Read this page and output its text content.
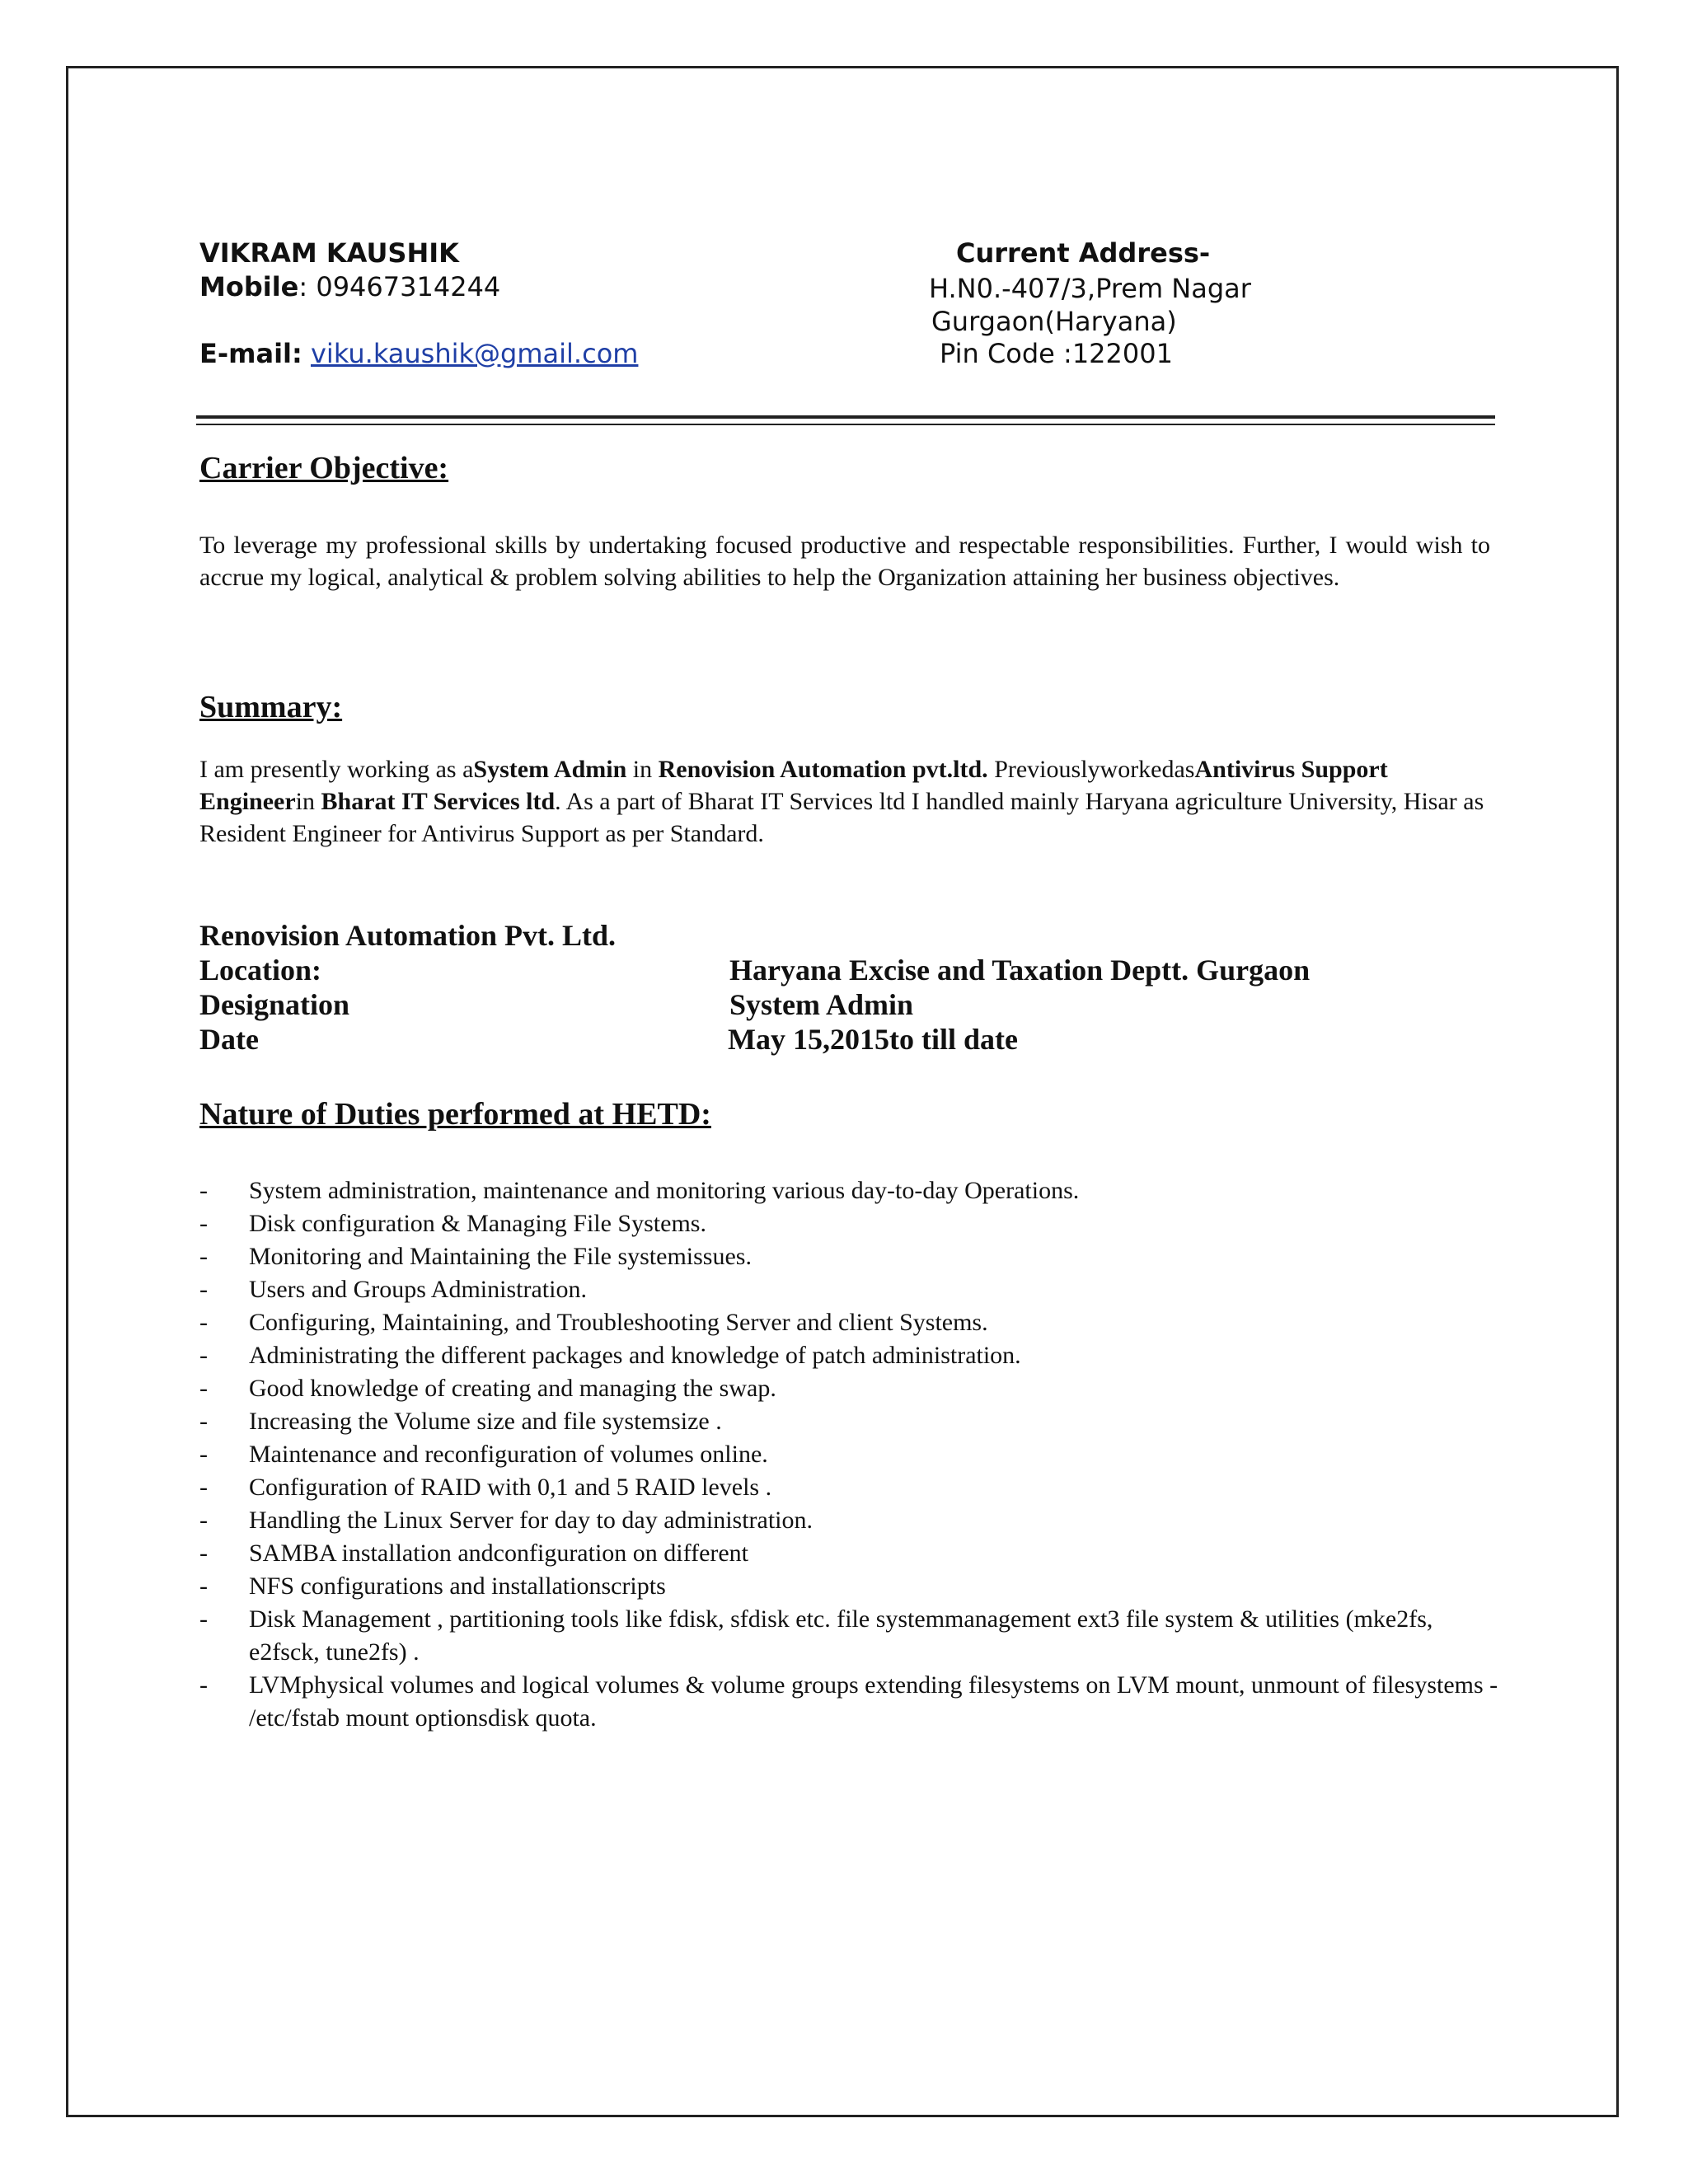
VIKRAM KAUSHIK
Mobile: 09467314244
E-mail: viku.kaushik@gmail.com
Current Address-
H.N0.-407/3,Prem Nagar
Gurgaon(Haryana)
Pin Code :122001
Carrier Objective:
To leverage my professional skills by undertaking focused productive and respectable responsibilities. Further, I would wish to accrue my logical, analytical & problem solving abilities to help the Organization attaining her business objectives.
Summary:
I am presently working as aSystem Admin in Renovision Automation pvt.ltd. PreviouslyworkedasAntivirus Support Engineerin Bharat IT Services ltd. As a part of Bharat IT Services ltd I handled mainly Haryana agriculture University, Hisar as Resident Engineer for Antivirus Support as per Standard.
Renovision Automation Pvt. Ltd.
Location:	Haryana Excise and Taxation Deptt. Gurgaon
Designation	System Admin
Date	May 15,2015to till date
Nature of Duties performed at HETD:
- System administration, maintenance and monitoring various day-to-day Operations.
- Disk configuration & Managing File Systems.
- Monitoring and Maintaining the File systemissues.
- Users and Groups Administration.
- Configuring, Maintaining, and Troubleshooting Server and client Systems.
- Administrating the different packages and knowledge of patch administration.
- Good knowledge of creating and managing the swap.
- Increasing the Volume size and file systemsize .
- Maintenance and reconfiguration of volumes online.
- Configuration of RAID with 0,1 and 5 RAID levels .
- Handling the Linux Server for day to day administration.
- SAMBA installation andconfiguration on different
- NFS configurations and installationscripts
- Disk Management , partitioning tools like fdisk, sfdisk etc. file systemmanagement ext3 file system & utilities (mke2fs, e2fsck, tune2fs) .
- LVMphysical volumes and logical volumes & volume groups extending filesystems on LVM mount, unmount of filesystems - /etc/fstab mount optionsdisk quota.
